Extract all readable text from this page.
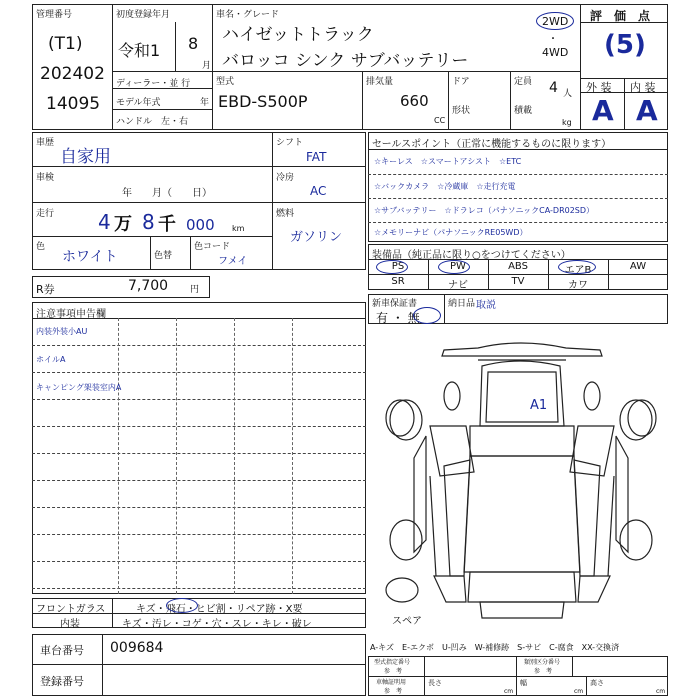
管理番号
(T1)
202402
14095
初度登録年月
令和1 8
月
ディーラー・並 行
モデル年式	年
ハンドル　左・右
車名・グレード
ハイゼットトラック
バロッコ シンク サブバッテリー
2WD
・
4WD
型式
EBD-S500P
排気量
660
CC
ドア
形状
定員 4 人
積載
kg
評　価　点
(5)
外 装 内 装
A A
車歴
自家用
車検
年　　月（　　日）
走行 4 万 8 千 000 km
色
ホワイト	色替
色コード
フメイ
シフト
FAT
冷房
AC
燃料
ガソリン
R券	7,700 円
セールスポイント（正常に機能するものに限ります）
☆キーレス　☆スマートアシスト　☆ETC
☆バックカメラ　☆冷蔵庫　☆走行充電
☆サブバッテリー　☆ドラレコ（パナソニックCA-DR02SD）
☆メモリーナビ（パナソニックRE05WD）
装備品（純正品に限り○をつけてください）
PS	PW	ABS	エアB	AW
SR	ナビ	TV	カワ
新車保証書
有 ・ 無
納日品 取説
注意事項申告欄
内装外装小AU
ホイルA
キャンピング架装室内A
A1
スペア
フロントガラス	キズ・飛石・ヒビ割・リペア跡・X要
内装	キズ・汚レ・コゲ・穴・スレ・キレ・破レ
車台番号 009684
登録番号
A-キズ　E-エクボ　U-凹み　W-補修跡　S-サビ　C-腐食　XX-交換済
型式指定番号
参　考
類別区分番号
参　考
車軸証明用
参　考
長さ
cm
幅
cm
高さ
cm
